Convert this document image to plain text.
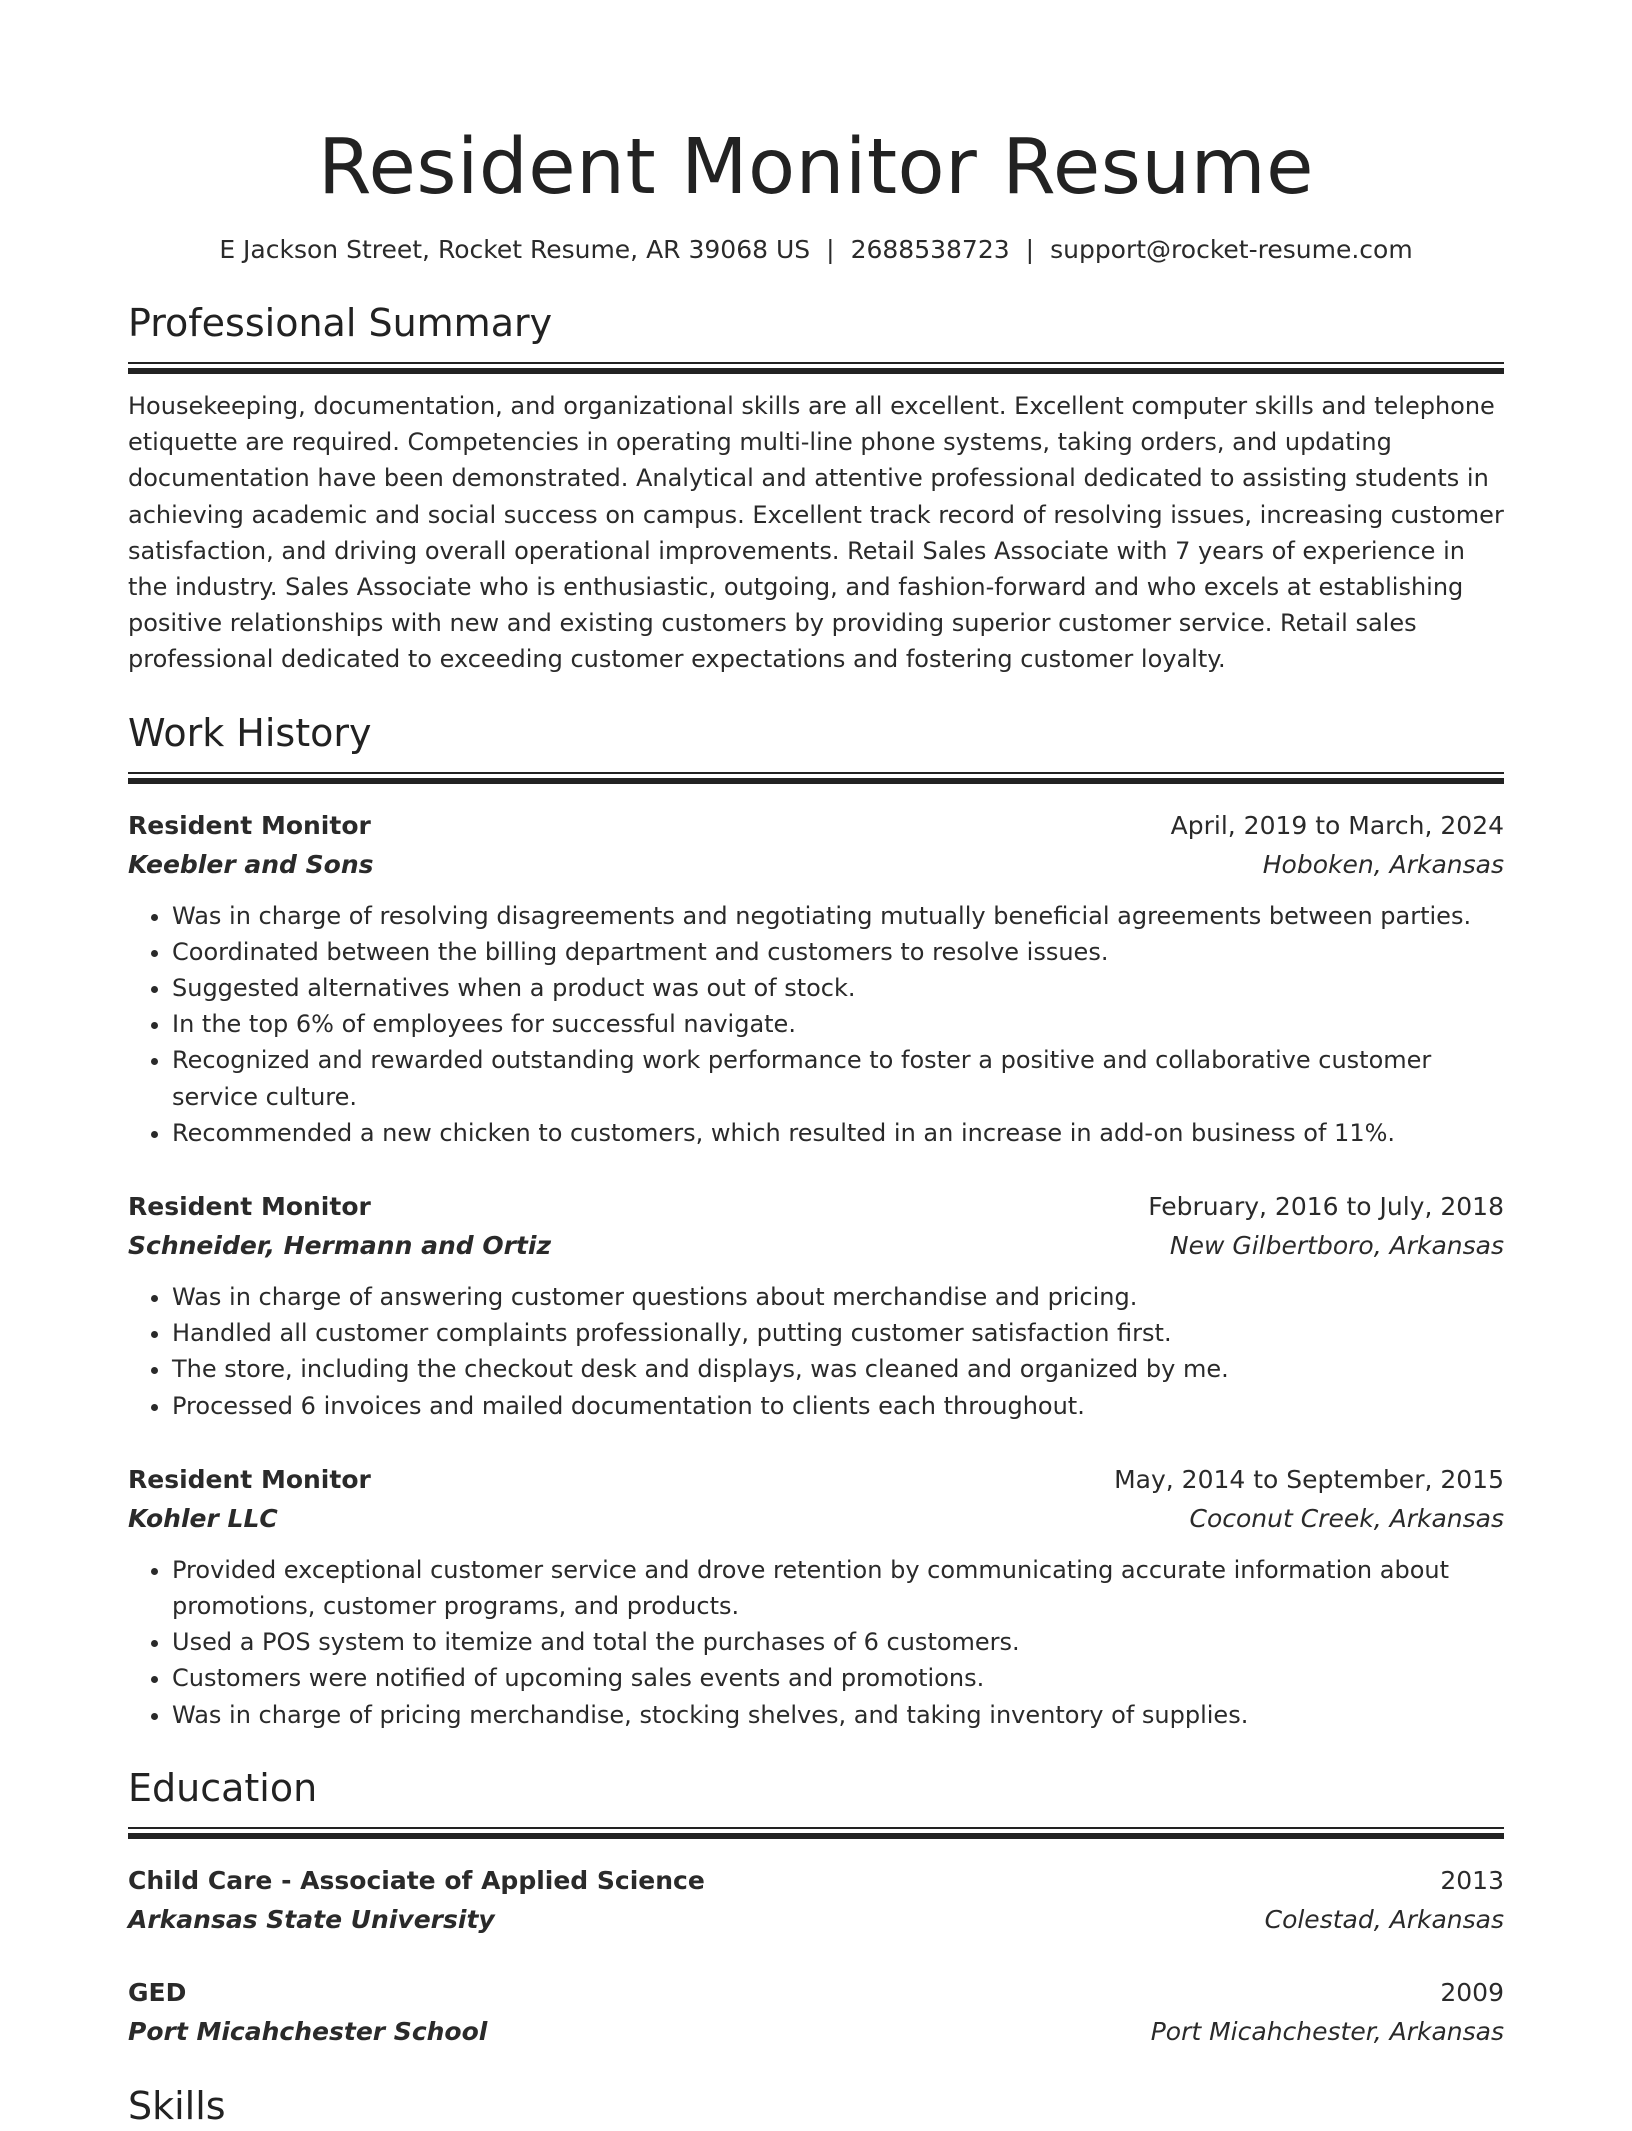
Resident Monitor Resume
E Jackson Street, Rocket Resume, AR 39068 US | 2688538723 | support@rocket-resume.com
Professional Summary
Housekeeping, documentation, and organizational skills are all excellent. Excellent computer skills and telephone etiquette are required. Competencies in operating multi-line phone systems, taking orders, and updating documentation have been demonstrated. Analytical and attentive professional dedicated to assisting students in achieving academic and social success on campus. Excellent track record of resolving issues, increasing customer satisfaction, and driving overall operational improvements. Retail Sales Associate with 7 years of experience in the industry. Sales Associate who is enthusiastic, outgoing, and fashion-forward and who excels at establishing positive relationships with new and existing customers by providing superior customer service. Retail sales professional dedicated to exceeding customer expectations and fostering customer loyalty.
Work History
Resident Monitor	April, 2019 to March, 2024
Keebler and Sons	Hoboken, Arkansas
• Was in charge of resolving disagreements and negotiating mutually beneficial agreements between parties.
• Coordinated between the billing department and customers to resolve issues.
• Suggested alternatives when a product was out of stock.
• In the top 6% of employees for successful navigate.
• Recognized and rewarded outstanding work performance to foster a positive and collaborative customer service culture.
• Recommended a new chicken to customers, which resulted in an increase in add-on business of 11%.
Resident Monitor	February, 2016 to July, 2018
Schneider, Hermann and Ortiz	New Gilbertboro, Arkansas
• Was in charge of answering customer questions about merchandise and pricing.
• Handled all customer complaints professionally, putting customer satisfaction first.
• The store, including the checkout desk and displays, was cleaned and organized by me.
• Processed 6 invoices and mailed documentation to clients each throughout.
Resident Monitor	May, 2014 to September, 2015
Kohler LLC	Coconut Creek, Arkansas
• Provided exceptional customer service and drove retention by communicating accurate information about promotions, customer programs, and products.
• Used a POS system to itemize and total the purchases of 6 customers.
• Customers were notified of upcoming sales events and promotions.
• Was in charge of pricing merchandise, stocking shelves, and taking inventory of supplies.
Education
Child Care - Associate of Applied Science	2013
Arkansas State University	Colestad, Arkansas
GED	2009
Port Micahchester School	Port Micahchester, Arkansas
Skills
